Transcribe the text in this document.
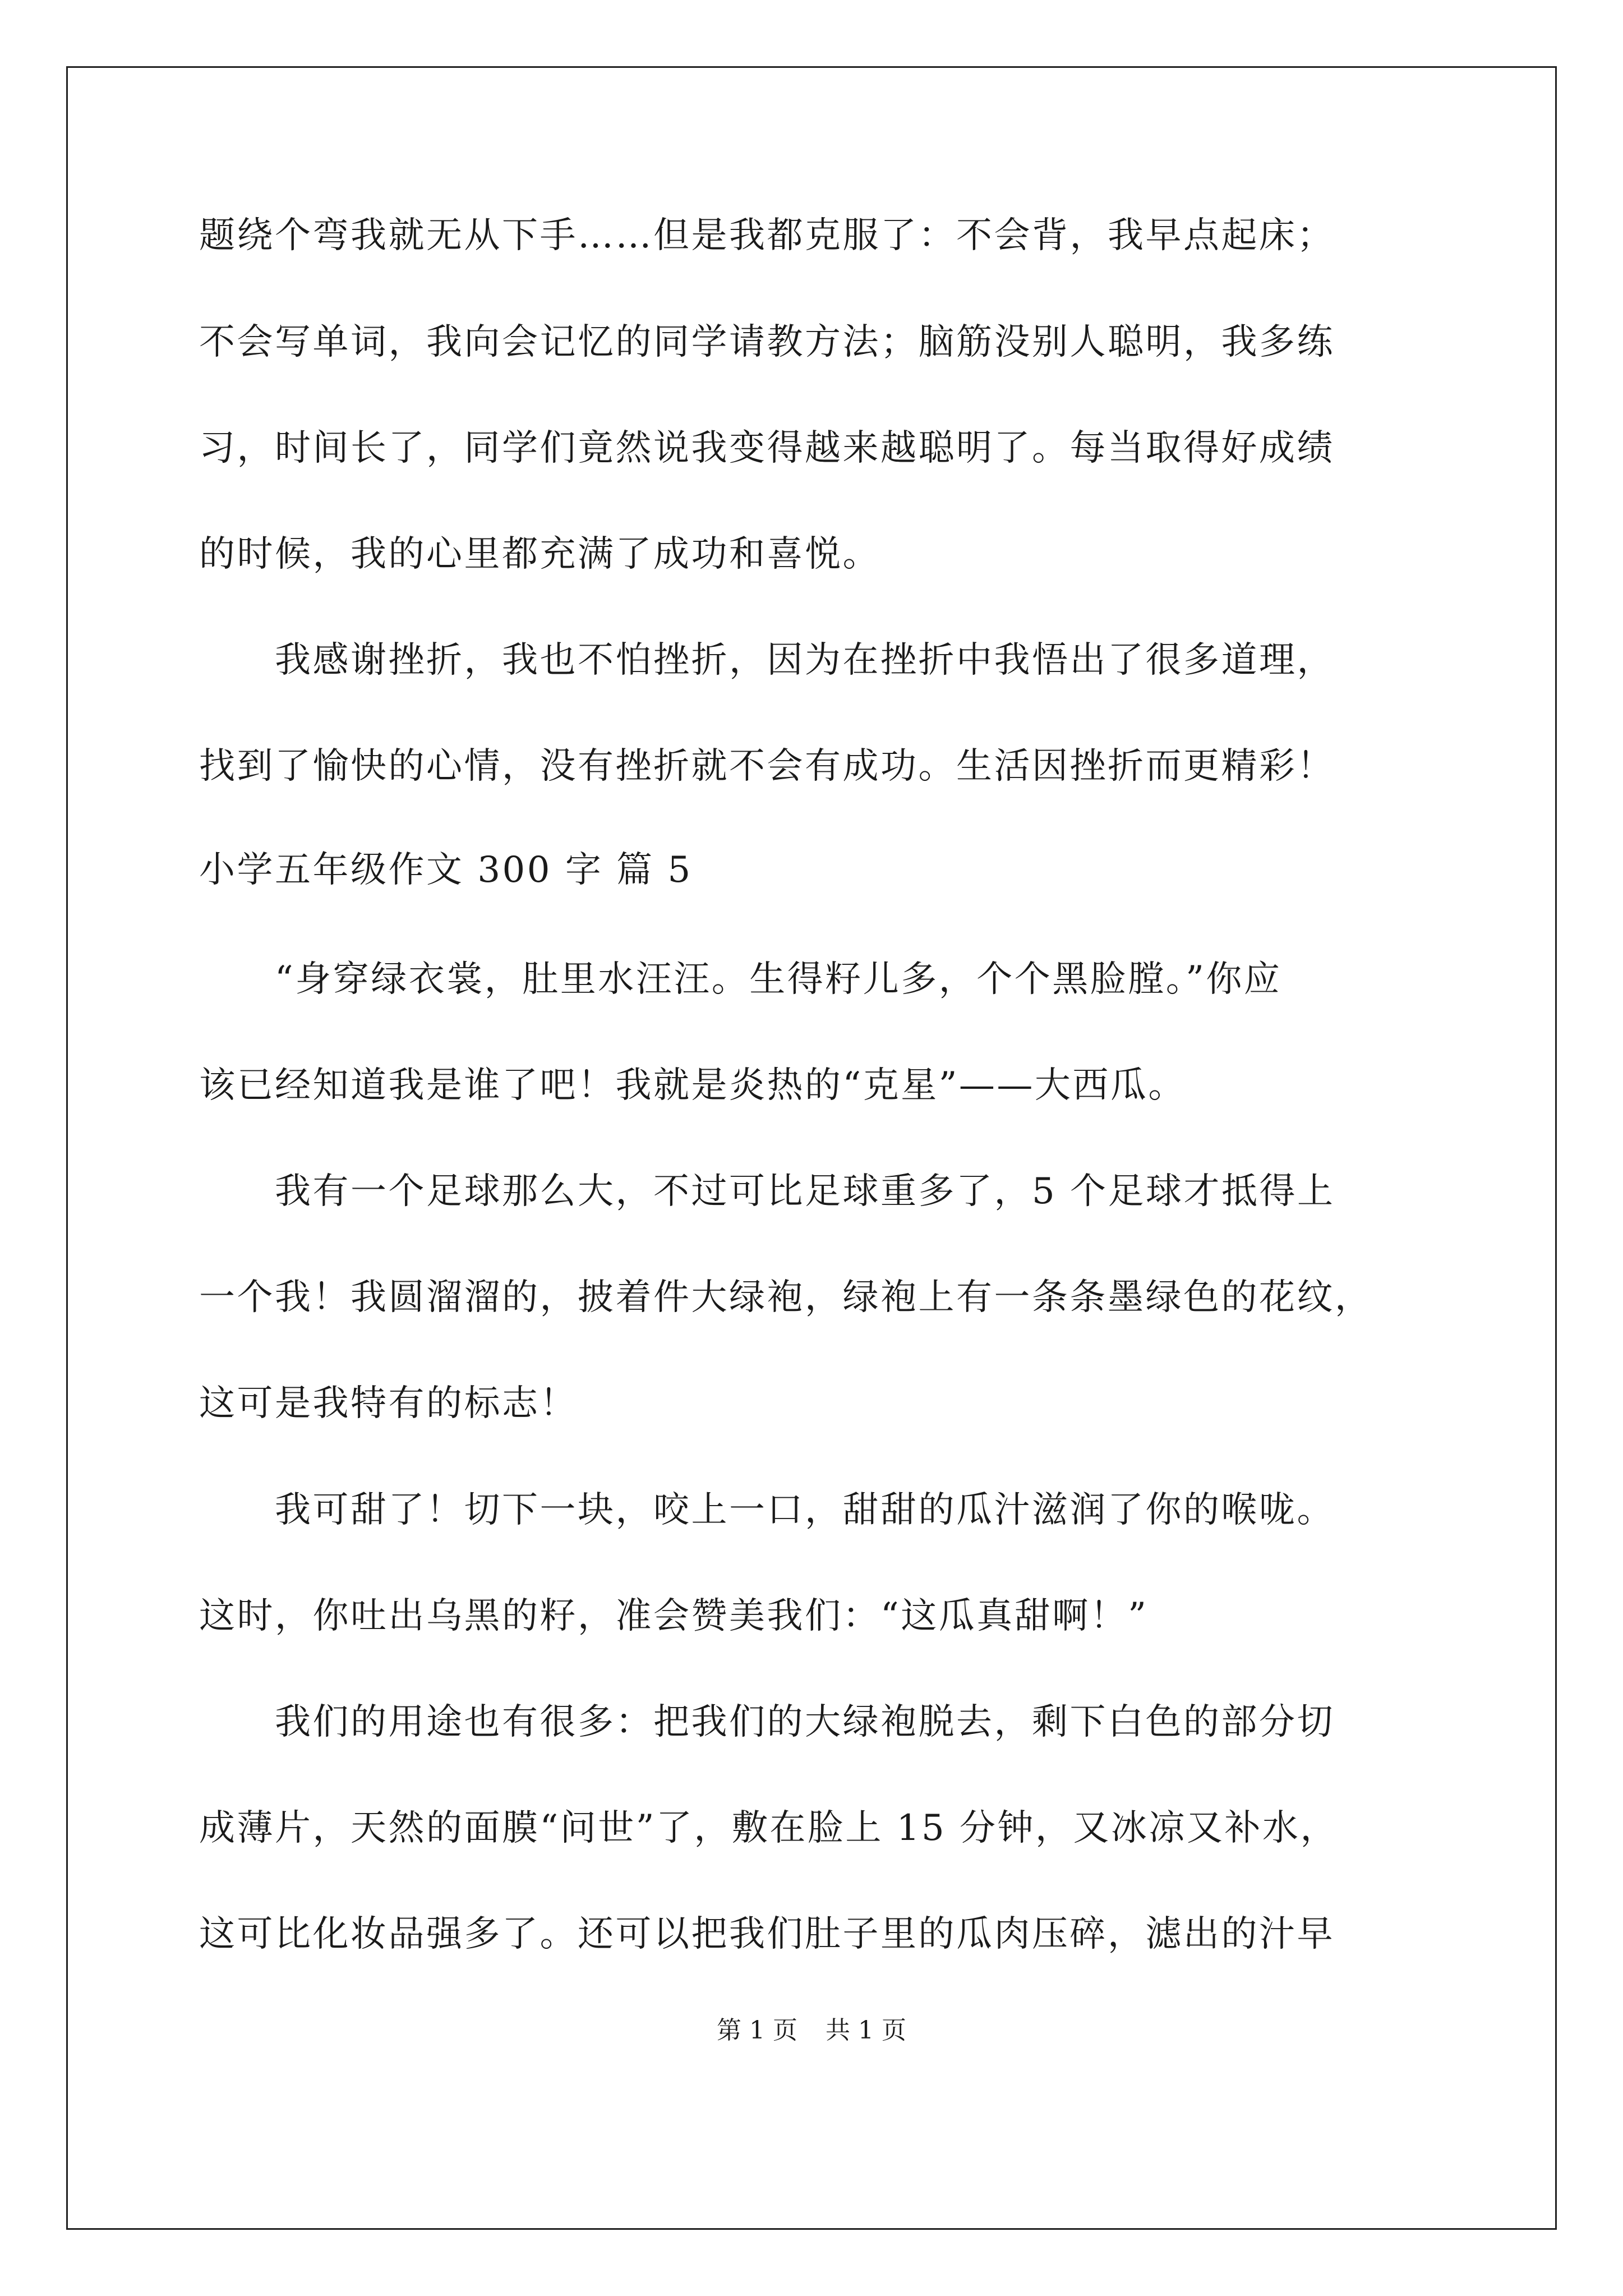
题绕个弯我就无从下手……但是我都克服了：不会背，我早点起床；
不会写单词，我向会记忆的同学请教方法；脑筋没别人聪明，我多练
习，时间长了，同学们竟然说我变得越来越聪明了。每当取得好成绩
的时候，我的心里都充满了成功和喜悦。
　　我感谢挫折，我也不怕挫折，因为在挫折中我悟出了很多道理，
找到了愉快的心情，没有挫折就不会有成功。生活因挫折而更精彩！
小学五年级作文 300 字 篇 5
　　“身穿绿衣裳，肚里水汪汪。生得籽儿多，个个黑脸膛。”你应
该已经知道我是谁了吧！我就是炎热的“克星”——大西瓜。
　　我有一个足球那么大，不过可比足球重多了，5 个足球才抵得上
一个我！我圆溜溜的，披着件大绿袍，绿袍上有一条条墨绿色的花纹，
这可是我特有的标志！
　　我可甜了！切下一块，咬上一口，甜甜的瓜汁滋润了你的喉咙。
这时，你吐出乌黑的籽，准会赞美我们：“这瓜真甜啊！”
　　我们的用途也有很多：把我们的大绿袍脱去，剩下白色的部分切
成薄片，天然的面膜“问世”了，敷在脸上 15 分钟，又冰凉又补水，
这可比化妆品强多了。还可以把我们肚子里的瓜肉压碎，滤出的汁早
第 1 页 共 1 页
